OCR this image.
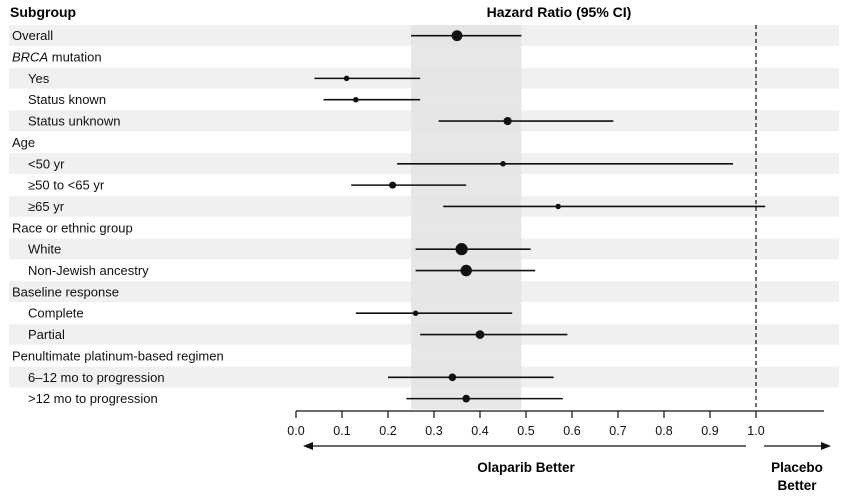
Overall
BRCA mutation
Yes
Status known
Status unknown
Age
<50 yr
≥50 to <65 yr
≥65 yr
Race or ethnic group
White
Non-Jewish ancestry
Baseline response
Complete
Partial
Penultimate platinum-based regimen
6–12 mo to progression
>12 mo to progression
Subgroup	Hazard Ratio (95% CI)
0.0 0.1 0.2 0.3 0.4 0.5 0.6 0.7 0.8 0.9 1.0
Olaparib Better	Placebo
Better
